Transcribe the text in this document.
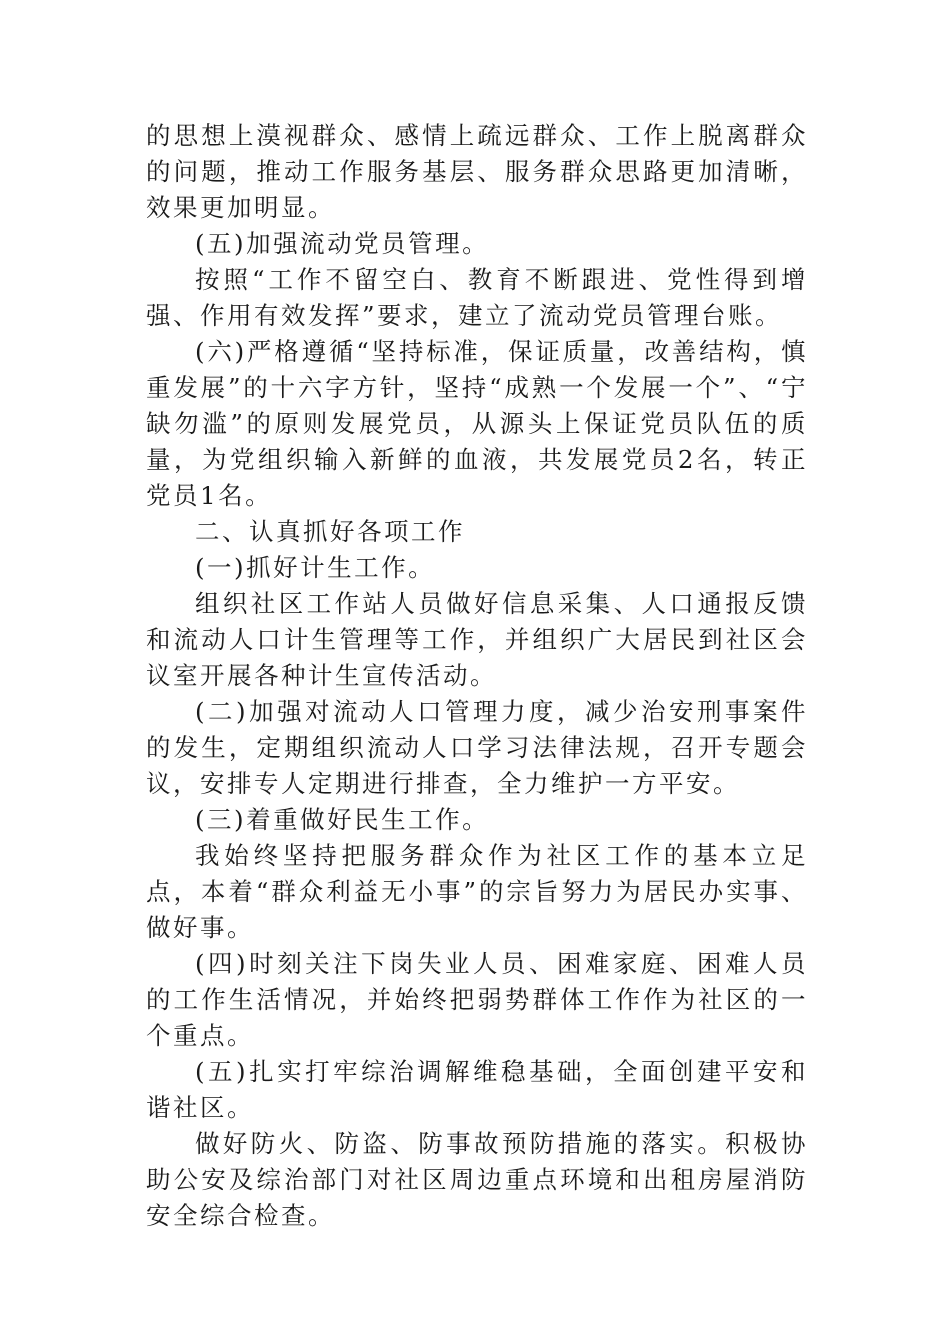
的思想上漠视群众、感情上疏远群众、工作上脱离群众的问题，推动工作服务基层、服务群众思路更加清晰，效果更加明显。

(五)加强流动党员管理。

按照“工作不留空白、教育不断跟进、党性得到增强、作用有效发挥”要求，建立了流动党员管理台账。

(六)严格遵循“坚持标准，保证质量，改善结构，慎重发展”的十六字方针，坚持“成熟一个发展一个”、“宁缺勿滥”的原则发展党员，从源头上保证党员队伍的质量，为党组织输入新鲜的血液，共发展党员2名，转正党员1名。

二、认真抓好各项工作

(一)抓好计生工作。

组织社区工作站人员做好信息采集、人口通报反馈和流动人口计生管理等工作，并组织广大居民到社区会议室开展各种计生宣传活动。

(二)加强对流动人口管理力度，减少治安刑事案件的发生，定期组织流动人口学习法律法规，召开专题会议，安排专人定期进行排查，全力维护一方平安。

(三)着重做好民生工作。

我始终坚持把服务群众作为社区工作的基本立足点，本着“群众利益无小事”的宗旨努力为居民办实事、做好事。

(四)时刻关注下岗失业人员、困难家庭、困难人员的工作生活情况，并始终把弱势群体工作作为社区的一个重点。

(五)扎实打牢综治调解维稳基础，全面创建平安和谐社区。

做好防火、防盗、防事故预防措施的落实。积极协助公安及综治部门对社区周边重点环境和出租房屋消防安全综合检查。
